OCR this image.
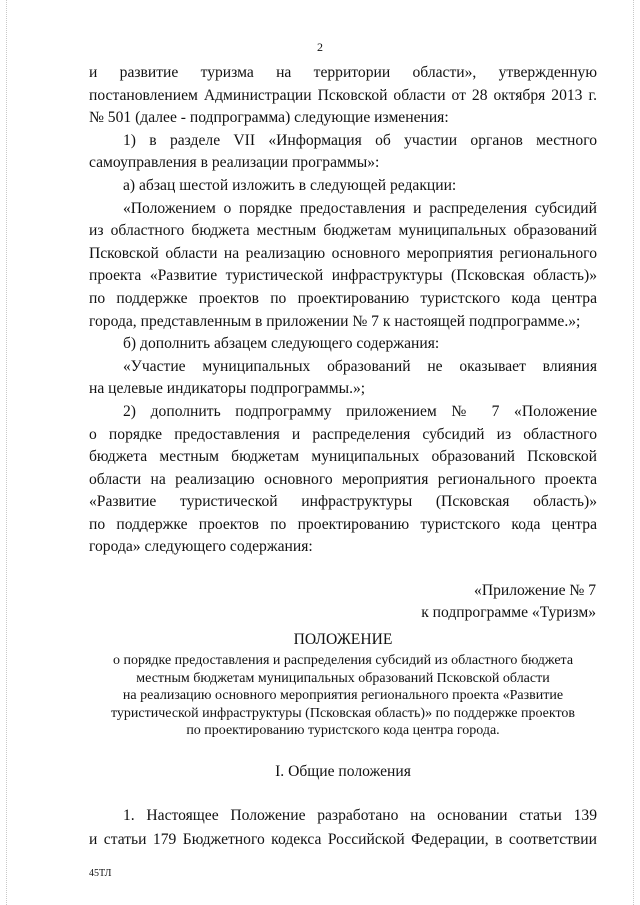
2

и развитие туризма на территории области», утвержденную
постановлением Администрации Псковской области от 28 октября 2013 г.
№ 501 (далее - подпрограмма) следующие изменения:

1) в разделе VII «Информация об участии органов местного
самоуправления в реализации программы»:

а) абзац шестой изложить в следующей редакции:

«Положением о порядке предоставления и распределения субсидий
из областного бюджета местным бюджетам муниципальных образований
Псковской области на реализацию основного мероприятия регионального
проекта «Развитие туристической инфраструктуры (Псковская область)»
по поддержке проектов по проектированию туристского кода центра
города, представленным в приложении № 7 к настоящей подпрограмме.»;

б) дополнить абзацем следующего содержания:

«Участие муниципальных образований не оказывает влияния
на целевые индикаторы подпрограммы.»;

2) дополнить подпрограмму приложением № 7 «Положение
о порядке предоставления и распределения субсидий из областного
бюджета местным бюджетам муниципальных образований Псковской
области на реализацию основного мероприятия регионального проекта
«Развитие туристической инфраструктуры (Псковская область)»
по поддержке проектов по проектированию туристского кода центра
города» следующего содержания:

«Приложение № 7
к подпрограмме «Туризм»
ПОЛОЖЕНИЕ
о порядке предоставления и распределения субсидий из областного бюджета
местным бюджетам муниципальных образований Псковской области
на реализацию основного мероприятия регионального проекта «Развитие
туристической инфраструктуры (Псковская область)» по поддержке проектов
по проектированию туристского кода центра города.
I. Общие положения
1. Настоящее Положение разработано на основании статьи 139
и статьи 179 Бюджетного кодекса Российской Федерации, в соответствии
45ТЛ
